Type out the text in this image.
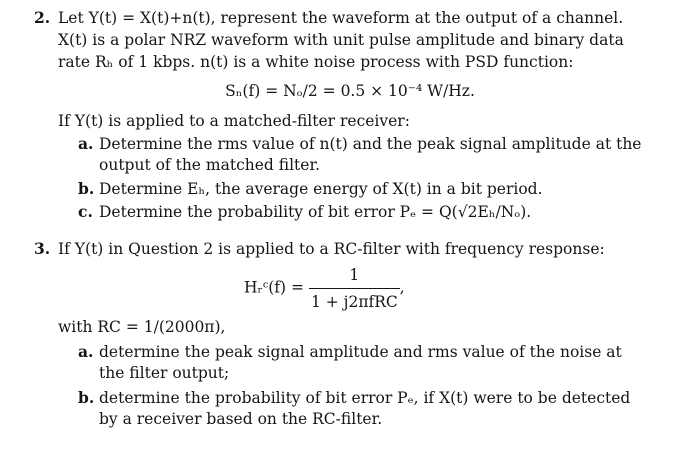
2. Let Y(t) = X(t)+n(t), represent the waveform at the output of a channel.
X(t) is a polar NRZ waveform with unit pulse amplitude and binary data
rate Rₕ of 1 kbps. n(t) is a white noise process with PSD function:
Sₙ(f) = Nₒ/2 = 0.5 × 10⁻⁴ W/Hz.
If Y(t) is applied to a matched-filter receiver:
a. Determine the rms value of n(t) and the peak signal amplitude at the
output of the matched filter.
b. Determine Eₕ, the average energy of X(t) in a bit period.
c. Determine the probability of bit error Pₑ = Q(√2Eₕ/Nₒ).
3. If Y(t) in Question 2 is applied to a RC-filter with frequency response:
Hᵣᶜ(f) = $\frac{1}{\text{1 + j2πfRC}}$ ,
with RC = 1/(2000π),
a. determine the peak signal amplitude and rms value of the noise at
the filter output;
b. determine the probability of bit error Pₑ, if X(t) were to be detected
by a receiver based on the RC-filter.
